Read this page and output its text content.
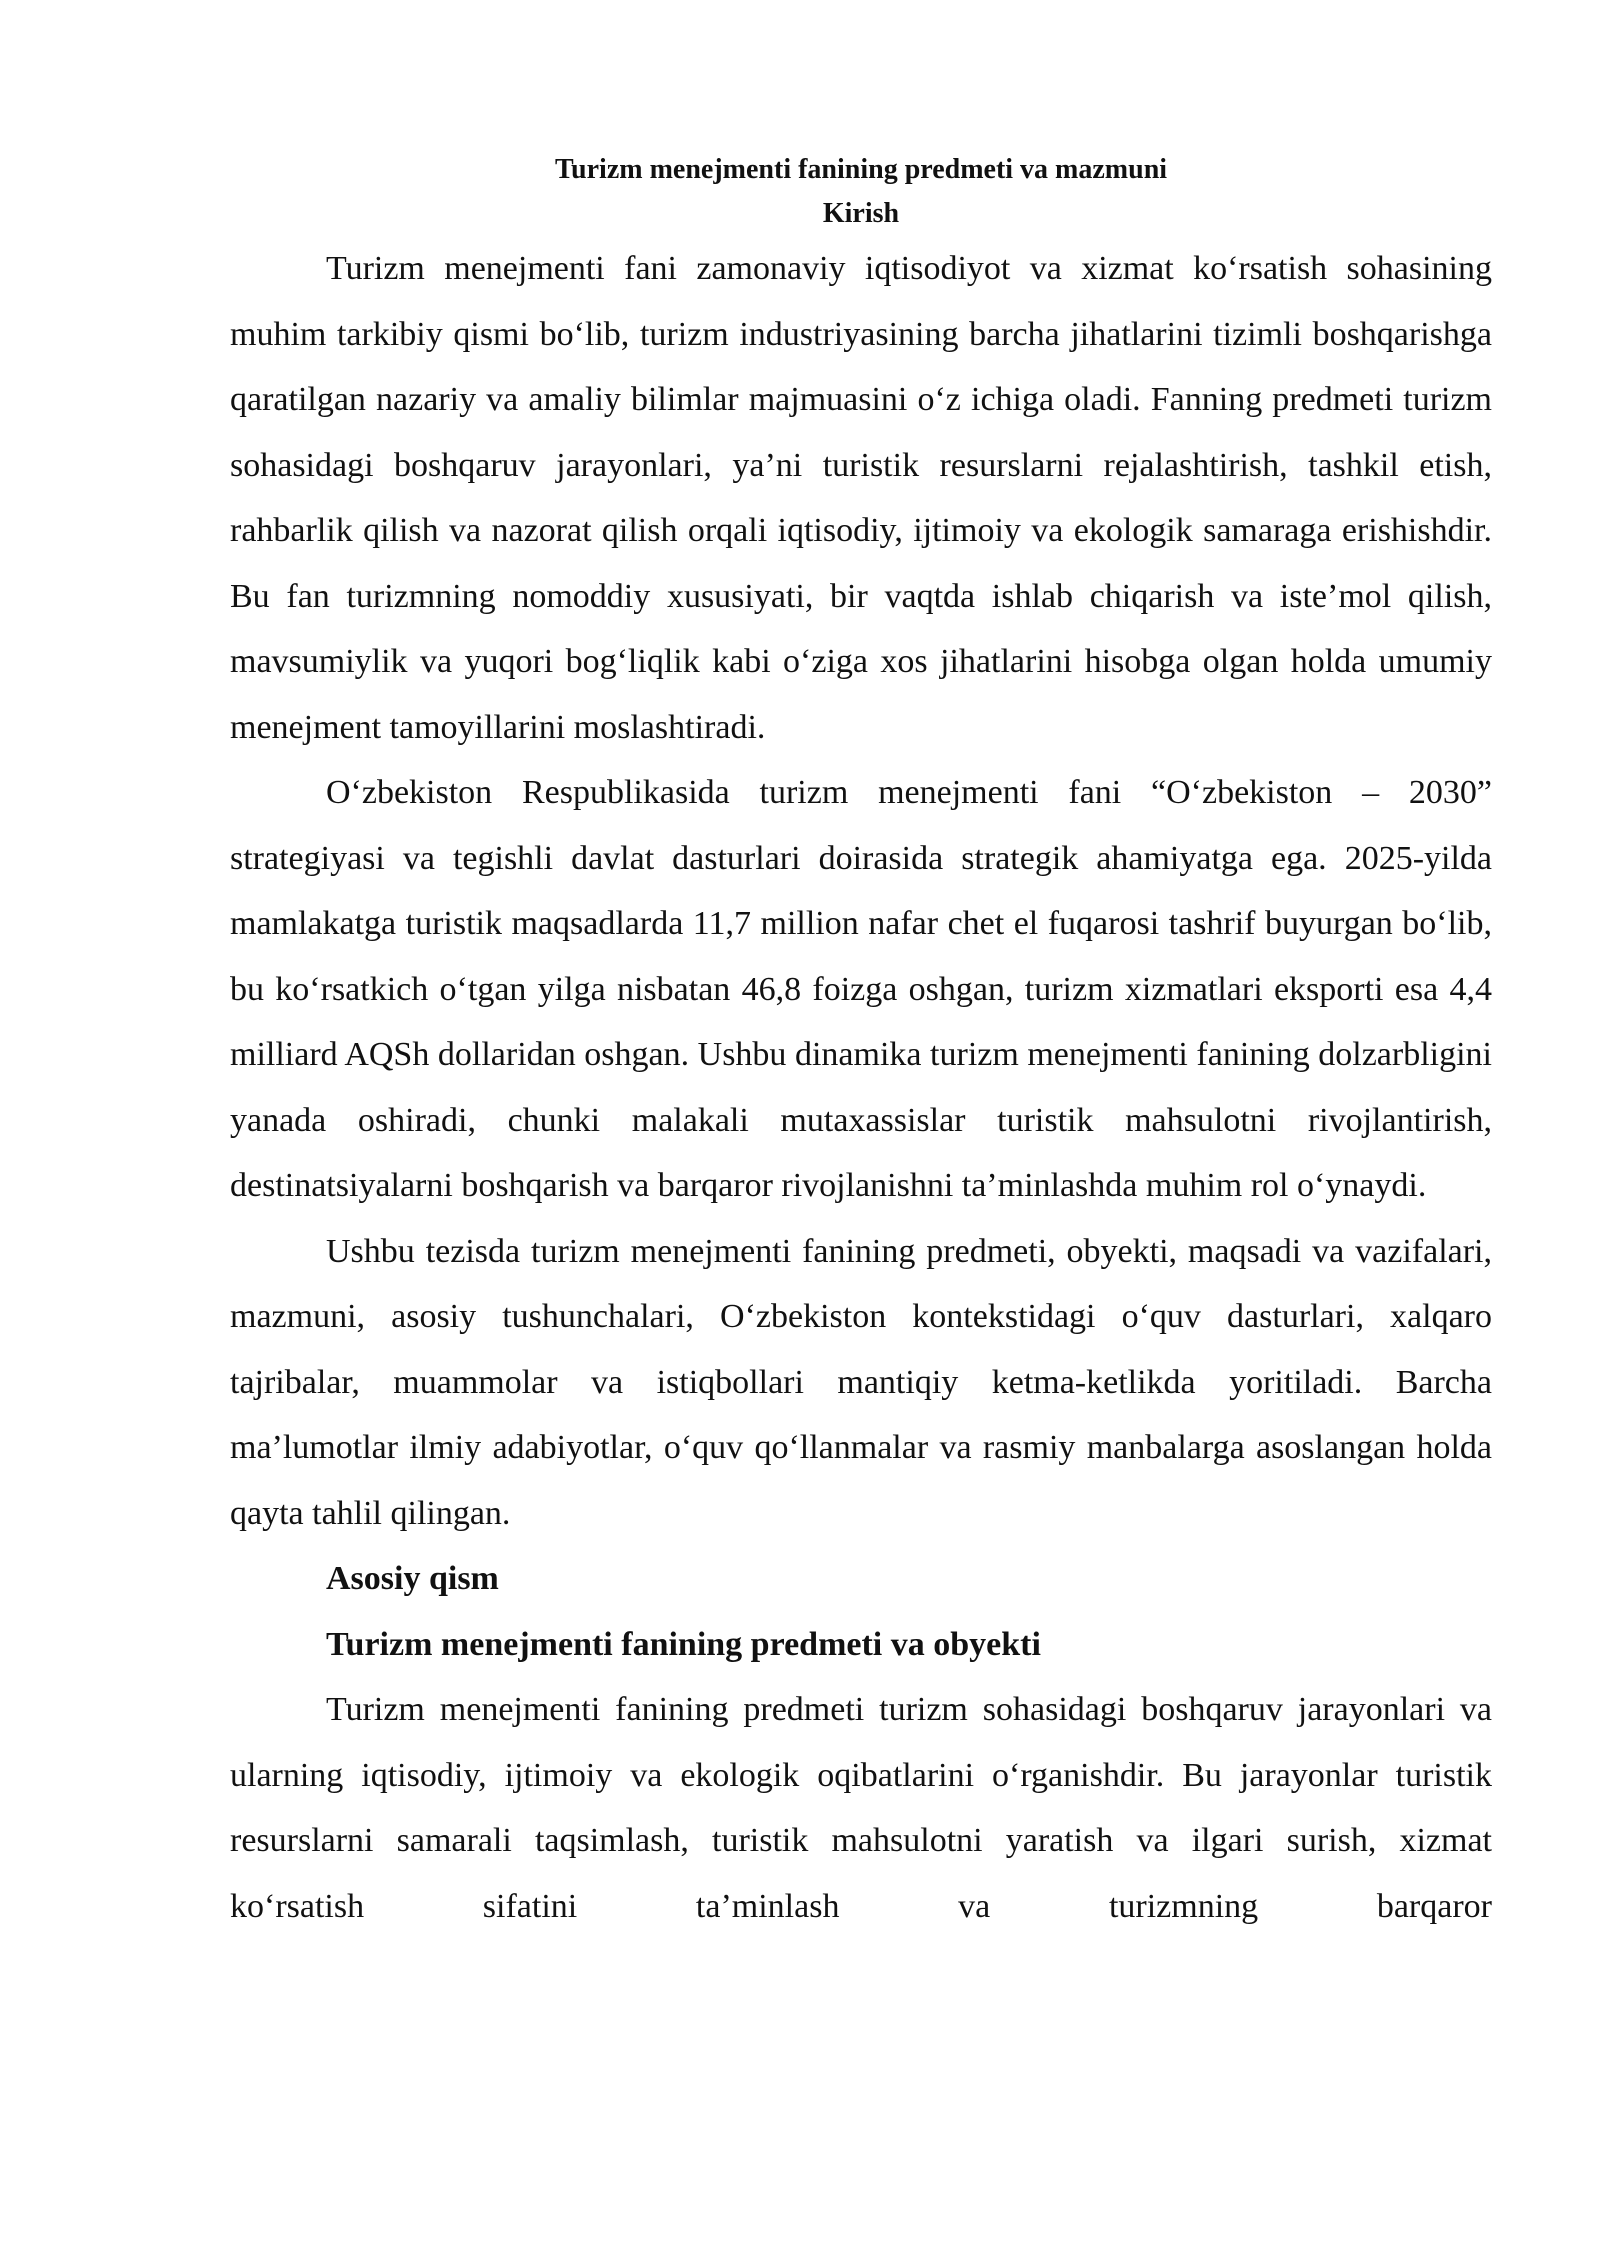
Turizm menejmenti fanining predmeti va mazmuni

Kirish

Turizm menejmenti fani zamonaviy iqtisodiyot va xizmat ko‘rsatish sohasining muhim tarkibiy qismi bo‘lib, turizm industriyasining barcha jihatlarini tizimli boshqarishga qaratilgan nazariy va amaliy bilimlar majmuasini o‘z ichiga oladi. Fanning predmeti turizm sohasidagi boshqaruv jarayonlari, ya’ni turistik resurslarni rejalashtirish, tashkil etish, rahbarlik qilish va nazorat qilish orqali iqtisodiy, ijtimoiy va ekologik samaraga erishishdir. Bu fan turizmning nomoddiy xususiyati, bir vaqtda ishlab chiqarish va iste’mol qilish, mavsumiylik va yuqori bog‘liqlik kabi o‘ziga xos jihatlarini hisobga olgan holda umumiy menejment tamoyillarini moslashtiradi.

O‘zbekiston Respublikasida turizm menejmenti fani “O‘zbekiston – 2030” strategiyasi va tegishli davlat dasturlari doirasida strategik ahamiyatga ega. 2025-yilda mamlakatga turistik maqsadlarda 11,7 million nafar chet el fuqarosi tashrif buyurgan bo‘lib, bu ko‘rsatkich o‘tgan yilga nisbatan 46,8 foizga oshgan, turizm xizmatlari eksporti esa 4,4 milliard AQSh dollaridan oshgan. Ushbu dinamika turizm menejmenti fanining dolzarbligini yanada oshiradi, chunki malakali mutaxassislar turistik mahsulotni rivojlantirish, destinatsiyalarni boshqarish va barqaror rivojlanishni ta’minlashda muhim rol o‘ynaydi.

Ushbu tezisda turizm menejmenti fanining predmeti, obyekti, maqsadi va vazifalari, mazmuni, asosiy tushunchalari, O‘zbekiston kontekstidagi o‘quv dasturlari, xalqaro tajribalar, muammolar va istiqbollari mantiqiy ketma-ketlikda yoritiladi. Barcha ma’lumotlar ilmiy adabiyotlar, o‘quv qo‘llanmalar va rasmiy manbalarga asoslangan holda qayta tahlil qilingan.

Asosiy qism

Turizm menejmenti fanining predmeti va obyekti

Turizm menejmenti fanining predmeti turizm sohasidagi boshqaruv jarayonlari va ularning iqtisodiy, ijtimoiy va ekologik oqibatlarini o‘rganishdir. Bu jarayonlar turistik resurslarni samarali taqsimlash, turistik mahsulotni yaratish va ilgari surish, xizmat ko‘rsatish sifatini ta’minlash va turizmning barqaror
